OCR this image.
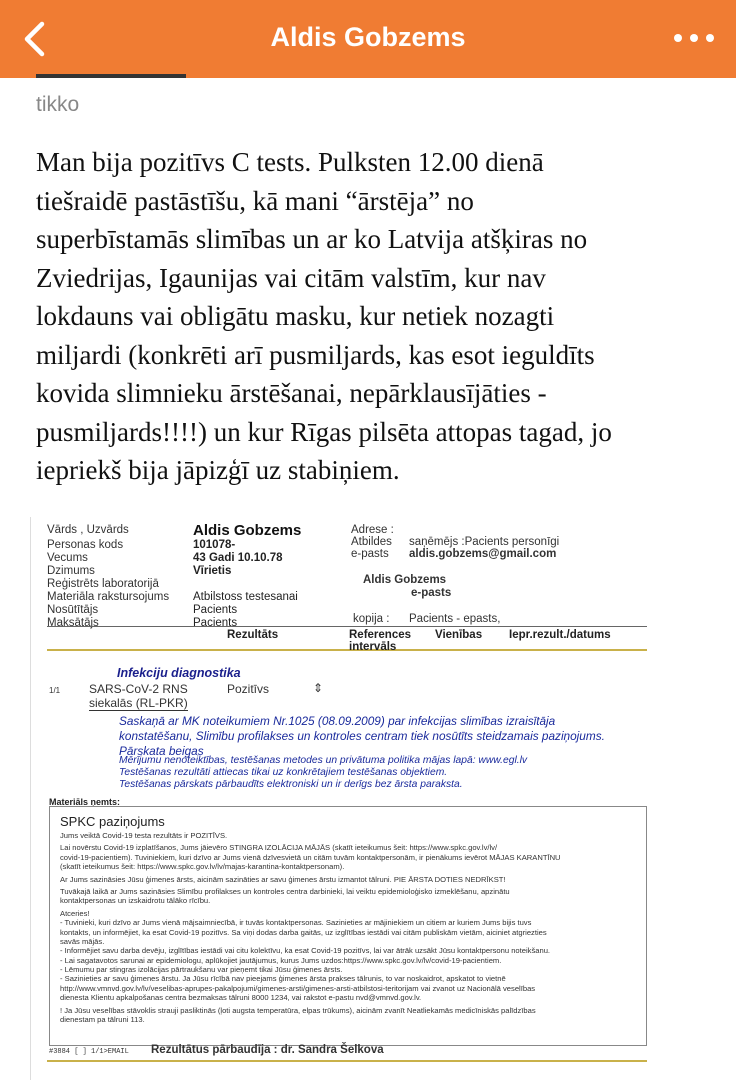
Aldis Gobzems
tikko
Man bija pozitīvs C tests. Pulksten 12.00 dienā
tiešraidē pastāstīšu, kā mani “ārstēja” no
superbīstamās slimības un ar ko Latvija atšķiras no
Zviedrijas, Igaunijas vai citām valstīm, kur nav
lokdauns vai obligātu masku, kur netiek nozagti
miljardi (konkrēti arī pusmiljards, kas esot ieguldīts
kovida slimnieku ārstēšanai, nepārklausījāties -
pusmiljards!!!!) un kur Rīgas pilsēta attopas tagad, jo
iepriekš bija jāpizģī uz stabiņiem.
Vārds , Uzvārds
Personas kods
Vecums
Dzimums
Reģistrēts laboratorijā
Materiāla rakstursojums
Nosūtītājs
Maksātājs
Aldis Gobzems
101078-
43 Gadi 10.10.78
Vīrietis
Atbilstoss testesanai
Pacients
Pacients
Adrese :
Atbildes saņēmējs :Pacients personīgi
e-pasts aldis.gobzems@gmail.com
Aldis Gobzems
e-pasts
kopija : Pacients - epasts,
Rezultāts	References intervāls
Vienības Iepr.rezult./datums
Infekciju diagnostika
1/1 SARS-CoV-2 RNS
siekalās (RL-PKR)
Pozitīvs	⇕
Saskaņā ar MK noteikumiem Nr.1025 (08.09.2009) par infekcijas slimības izraisītāja
konstatēšanu, Slimību profilakses un kontroles centram tiek nosūtīts steidzamais paziņojums.
Pārskata beigas
Mērījumu nenoteiktības, testēšanas metodes un privātuma politika mājas lapā: www.egl.lv
Testēšanas rezultāti attiecas tikai uz konkrētajiem testēšanas objektiem.
Testēšanas pārskats pārbaudīts elektroniski un ir derīgs bez ārsta paraksta.
Materiāls ņemts:
SPKC paziņojums
Jums veiktā Covid-19 testa rezultāts ir POZITĪVS.
Lai novērstu Covid-19 izplatīšanos, Jums jāievēro STINGRA IZOLĀCIJA MĀJĀS (skatīt ieteikumus šeit: https://www.spkc.gov.lv/lv/
covid-19-pacientiem). Tuviniekiem, kuri dzīvo ar Jums vienā dzīvesvietā un citām tuvām kontaktpersonām, ir pienākums ievērot MĀJAS KARANTĪNU
(skatīt ieteikumus šeit: https://www.spkc.gov.lv/lv/majas-karantina-kontaktpersonam).
Ar Jums sazināsies Jūsu ģimenes ārsts, aicinām sazināties ar savu ģimenes ārstu izmantot tālruni. PIE ĀRSTA DOTIES NEDRĪKST!
Tuvākajā laikā ar Jums sazināsies Slimību profilakses un kontroles centra darbinieki, lai veiktu epidemioloģisko izmeklēšanu, apzinātu
kontaktpersonas un izskaidrotu tālāko rīcību.
Atceries!
- Tuvinieki, kuri dzīvo ar Jums vienā mājsaimniecībā, ir tuvās kontaktpersonas. Sazinieties ar mājiniekiem un citiem ar kuriem Jums bijis tuvs
kontakts, un informējiet, ka esat Covid-19 pozitīvs. Sa viņi dodas darba gaitās, uz izglītības iestādi vai citām publiskām vietām, aiciniet atgriezties
savās mājās.
- Informējiet savu darba devēju, izglītības iestādi vai citu kolektīvu, ka esat Covid-19 pozitīvs, lai var ātrāk uzsākt Jūsu kontaktpersonu noteikšanu.
- Lai sagatavotos sarunai ar epidemiologu, aplūkojiet jautājumus, kurus Jums uzdos:https://www.spkc.gov.lv/lv/covid-19-pacientiem.
- Lēmumu par stingras izolācijas pārtraukšanu var pieņemt tikai Jūsu ģimenes ārsts.
- Sazinieties ar savu ģimenes ārstu. Ja Jūsu rīcībā nav pieejams ģimenes ārsta prakses tālrunis, to var noskaidrot, apskatot to vietnē
http://www.vmnvd.gov.lv/lv/veselibas-aprupes-pakalpojumi/gimenes-arsti/gimenes-arsti-atbilstosi-teritorijam vai zvanot uz Nacionālā veselības
dienesta Klientu apkalpošanas centra bezmaksas tālruni 8000 1234, vai rakstot e-pastu nvd@vmnvd.gov.lv.
! Ja Jūsu veselības stāvoklis strauji pasliktinās (ļoti augsta temperatūra, elpas trūkums), aicinām zvanīt Neatliekamās medicīniskās palīdzības
dienestam pa tālruni 113.
#3884 [ ] 1/1>EMAIL Rezultātus pārbaudīja : dr. Sandra Šelkova
